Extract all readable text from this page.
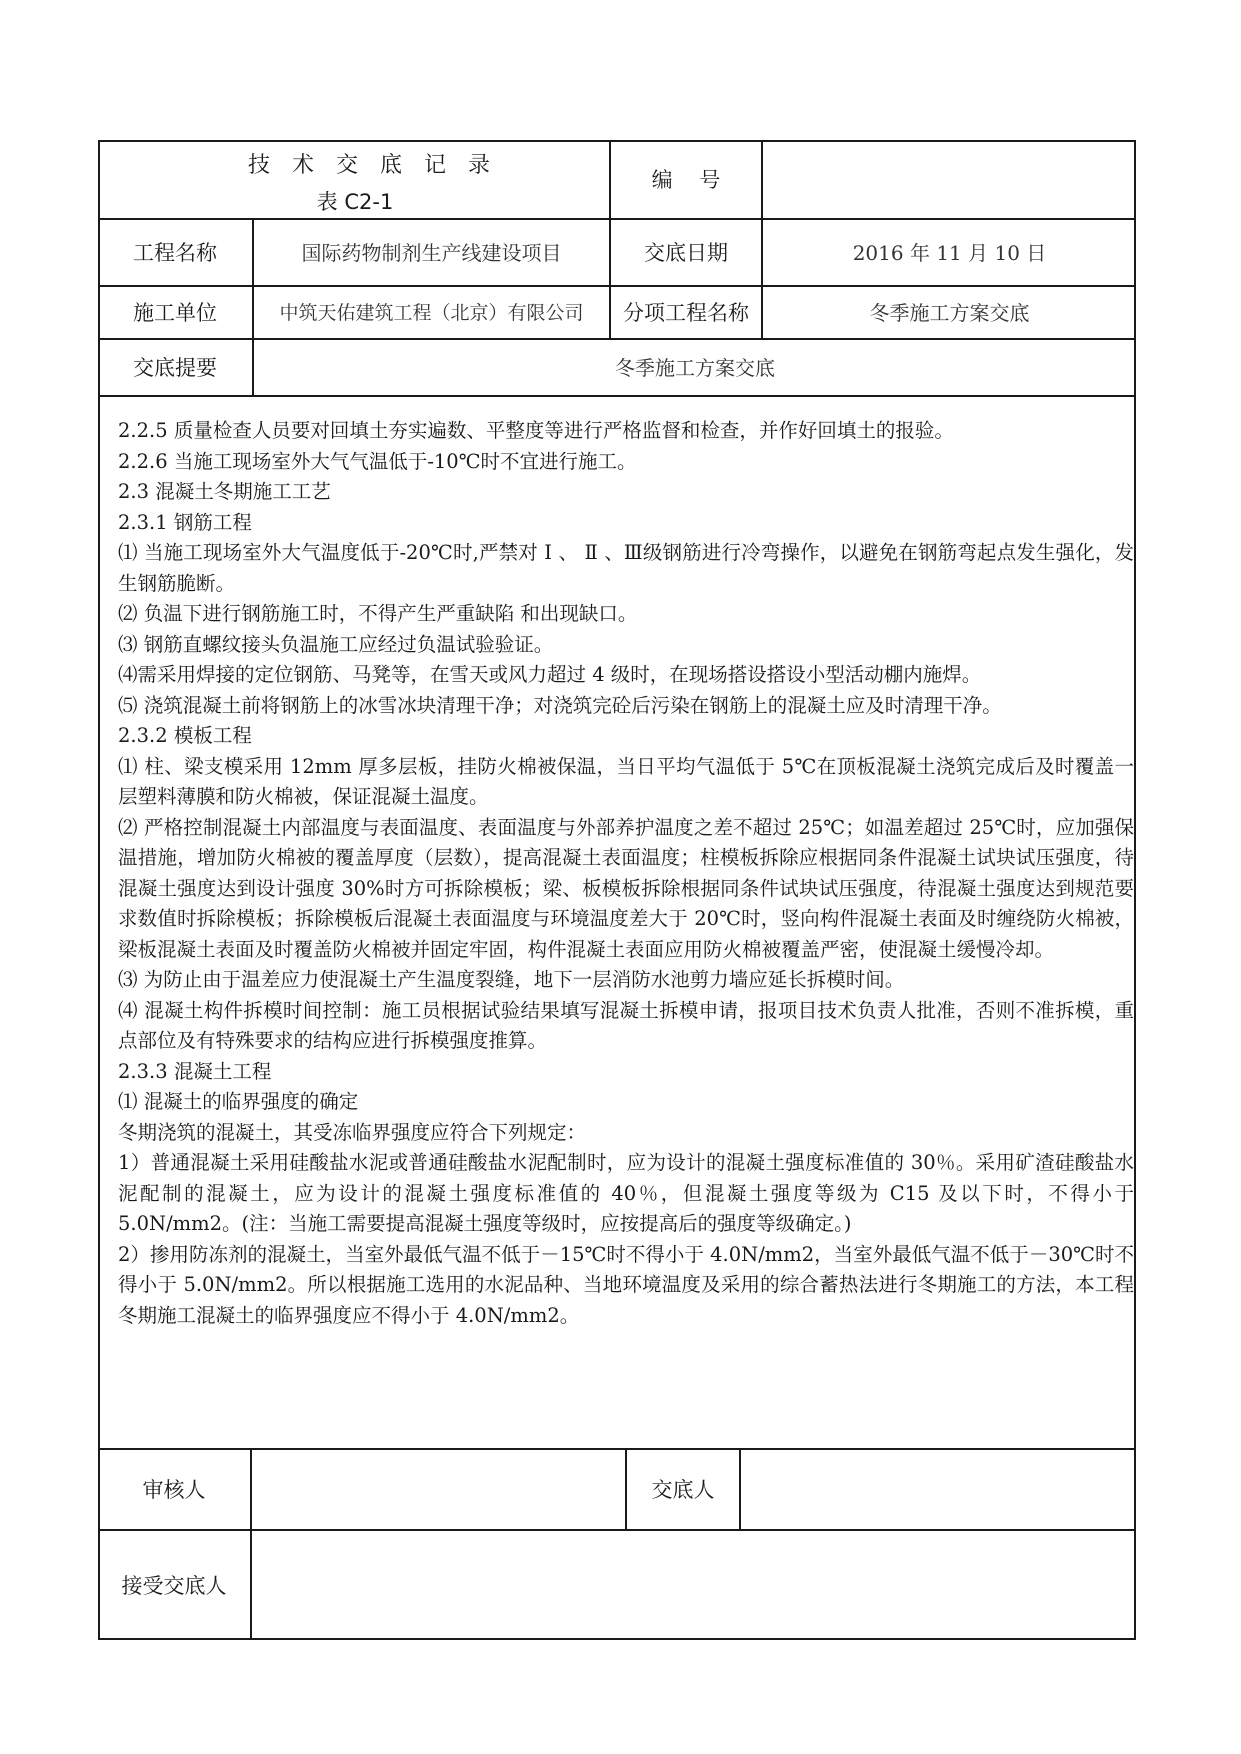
技术交底记录
表 C2-1
编    号
工程名称	国际药物制剂生产线建设项目	交底日期	2016 年 11 月 10 日
施工单位	中筑天佑建筑工程（北京）有限公司	分项工程名称	冬季施工方案交底
交底提要	冬季施工方案交底

2.2.5 质量检查人员要对回填土夯实遍数、平整度等进行严格监督和检查，并作好回填土的报验。

2.2.6 当施工现场室外大气气温低于-10℃时不宜进行施工。

2.3 混凝土冬期施工工艺

2.3.1 钢筋工程

⑴ 当施工现场室外大气温度低于-20℃时,严禁对 Ⅰ 、 Ⅱ 、Ⅲ级钢筋进行冷弯操作，以避免在钢筋弯起点发生强化，发生钢筋脆断。

⑵ 负温下进行钢筋施工时，不得产生严重缺陷 和出现缺口。

⑶ 钢筋直螺纹接头负温施工应经过负温试验验证。

⑷需采用焊接的定位钢筋、马凳等，在雪天或风力超过 4 级时，在现场搭设搭设小型活动棚内施焊。

⑸ 浇筑混凝土前将钢筋上的冰雪冰块清理干净；对浇筑完砼后污染在钢筋上的混凝土应及时清理干净。

2.3.2 模板工程

⑴ 柱、梁支模采用 12mm 厚多层板，挂防火棉被保温，当日平均气温低于 5℃在顶板混凝土浇筑完成后及时覆盖一层塑料薄膜和防火棉被，保证混凝土温度。

⑵ 严格控制混凝土内部温度与表面温度、表面温度与外部养护温度之差不超过 25℃；如温差超过 25℃时，应加强保温措施，增加防火棉被的覆盖厚度（层数），提高混凝土表面温度；柱模板拆除应根据同条件混凝土试块试压强度，待混凝土强度达到设计强度 30%时方可拆除模板；梁、板模板拆除根据同条件试块试压强度，待混凝土强度达到规范要求数值时拆除模板；拆除模板后混凝土表面温度与环境温度差大于 20℃时，竖向构件混凝土表面及时缠绕防火棉被，梁板混凝土表面及时覆盖防火棉被并固定牢固，构件混凝土表面应用防火棉被覆盖严密，使混凝土缓慢冷却。

⑶ 为防止由于温差应力使混凝土产生温度裂缝，地下一层消防水池剪力墙应延长拆模时间。

⑷ 混凝土构件拆模时间控制：施工员根据试验结果填写混凝土拆模申请，报项目技术负责人批准，否则不准拆模，重点部位及有特殊要求的结构应进行拆模强度推算。

2.3.3 混凝土工程

⑴ 混凝土的临界强度的确定

冬期浇筑的混凝土，其受冻临界强度应符合下列规定：

1）普通混凝土采用硅酸盐水泥或普通硅酸盐水泥配制时，应为设计的混凝土强度标准值的 30％。采用矿渣硅酸盐水泥配制的混凝土，应为设计的混凝土强度标准值的 40％，但混凝土强度等级为 C15 及以下时，不得小于 5.0N/mm2。(注：当施工需要提高混凝土强度等级时，应按提高后的强度等级确定。)

2）掺用防冻剂的混凝土，当室外最低气温不低于－15℃时不得小于 4.0N/mm2，当室外最低气温不低于－30℃时不得小于 5.0N/mm2。所以根据施工选用的水泥品种、当地环境温度及采用的综合蓄热法进行冬期施工的方法，本工程冬期施工混凝土的临界强度应不得小于 4.0N/mm2。

审核人	交底人
接受交底人
